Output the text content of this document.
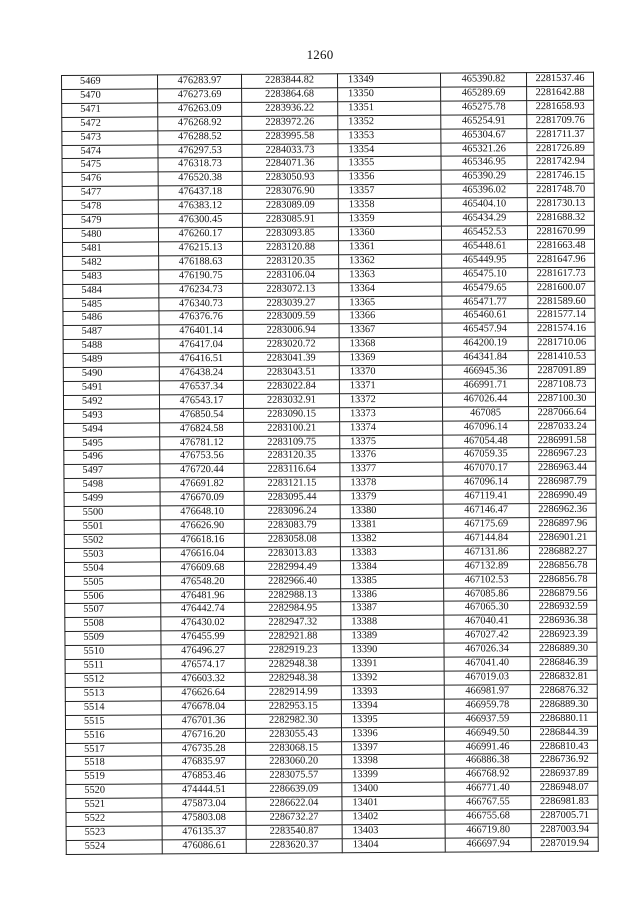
1260
5469	476283.97	2283844.82	13349	465390.82	2281537.46
5470	476273.69	2283864.68	13350	465289.69	2281642.88
5471	476263.09	2283936.22	13351	465275.78	2281658.93
5472	476268.92	2283972.26	13352	465254.91	2281709.76
5473	476288.52	2283995.58	13353	465304.67	2281711.37
5474	476297.53	2284033.73	13354	465321.26	2281726.89
5475	476318.73	2284071.36	13355	465346.95	2281742.94
5476	476520.38	2283050.93	13356	465390.29	2281746.15
5477	476437.18	2283076.90	13357	465396.02	2281748.70
5478	476383.12	2283089.09	13358	465404.10	2281730.13
5479	476300.45	2283085.91	13359	465434.29	2281688.32
5480	476260.17	2283093.85	13360	465452.53	2281670.99
5481	476215.13	2283120.88	13361	465448.61	2281663.48
5482	476188.63	2283120.35	13362	465449.95	2281647.96
5483	476190.75	2283106.04	13363	465475.10	2281617.73
5484	476234.73	2283072.13	13364	465479.65	2281600.07
5485	476340.73	2283039.27	13365	465471.77	2281589.60
5486	476376.76	2283009.59	13366	465460.61	2281577.14
5487	476401.14	2283006.94	13367	465457.94	2281574.16
5488	476417.04	2283020.72	13368	464200.19	2281710.06
5489	476416.51	2283041.39	13369	464341.84	2281410.53
5490	476438.24	2283043.51	13370	466945.36	2287091.89
5491	476537.34	2283022.84	13371	466991.71	2287108.73
5492	476543.17	2283032.91	13372	467026.44	2287100.30
5493	476850.54	2283090.15	13373	467085	2287066.64
5494	476824.58	2283100.21	13374	467096.14	2287033.24
5495	476781.12	2283109.75	13375	467054.48	2286991.58
5496	476753.56	2283120.35	13376	467059.35	2286967.23
5497	476720.44	2283116.64	13377	467070.17	2286963.44
5498	476691.82	2283121.15	13378	467096.14	2286987.79
5499	476670.09	2283095.44	13379	467119.41	2286990.49
5500	476648.10	2283096.24	13380	467146.47	2286962.36
5501	476626.90	2283083.79	13381	467175.69	2286897.96
5502	476618.16	2283058.08	13382	467144.84	2286901.21
5503	476616.04	2283013.83	13383	467131.86	2286882.27
5504	476609.68	2282994.49	13384	467132.89	2286856.78
5505	476548.20	2282966.40	13385	467102.53	2286856.78
5506	476481.96	2282988.13	13386	467085.86	2286879.56
5507	476442.74	2282984.95	13387	467065.30	2286932.59
5508	476430.02	2282947.32	13388	467040.41	2286936.38
5509	476455.99	2282921.88	13389	467027.42	2286923.39
5510	476496.27	2282919.23	13390	467026.34	2286889.30
5511	476574.17	2282948.38	13391	467041.40	2286846.39
5512	476603.32	2282948.38	13392	467019.03	2286832.81
5513	476626.64	2282914.99	13393	466981.97	2286876.32
5514	476678.04	2282953.15	13394	466959.78	2286889.30
5515	476701.36	2282982.30	13395	466937.59	2286880.11
5516	476716.20	2283055.43	13396	466949.50	2286844.39
5517	476735.28	2283068.15	13397	466991.46	2286810.43
5518	476835.97	2283060.20	13398	466886.38	2286736.92
5519	476853.46	2283075.57	13399	466768.92	2286937.89
5520	474444.51	2286639.09	13400	466771.40	2286948.07
5521	475873.04	2286622.04	13401	466767.55	2286981.83
5522	475803.08	2286732.27	13402	466755.68	2287005.71
5523	476135.37	2283540.87	13403	466719.80	2287003.94
5524	476086.61	2283620.37	13404	466697.94	2287019.94
